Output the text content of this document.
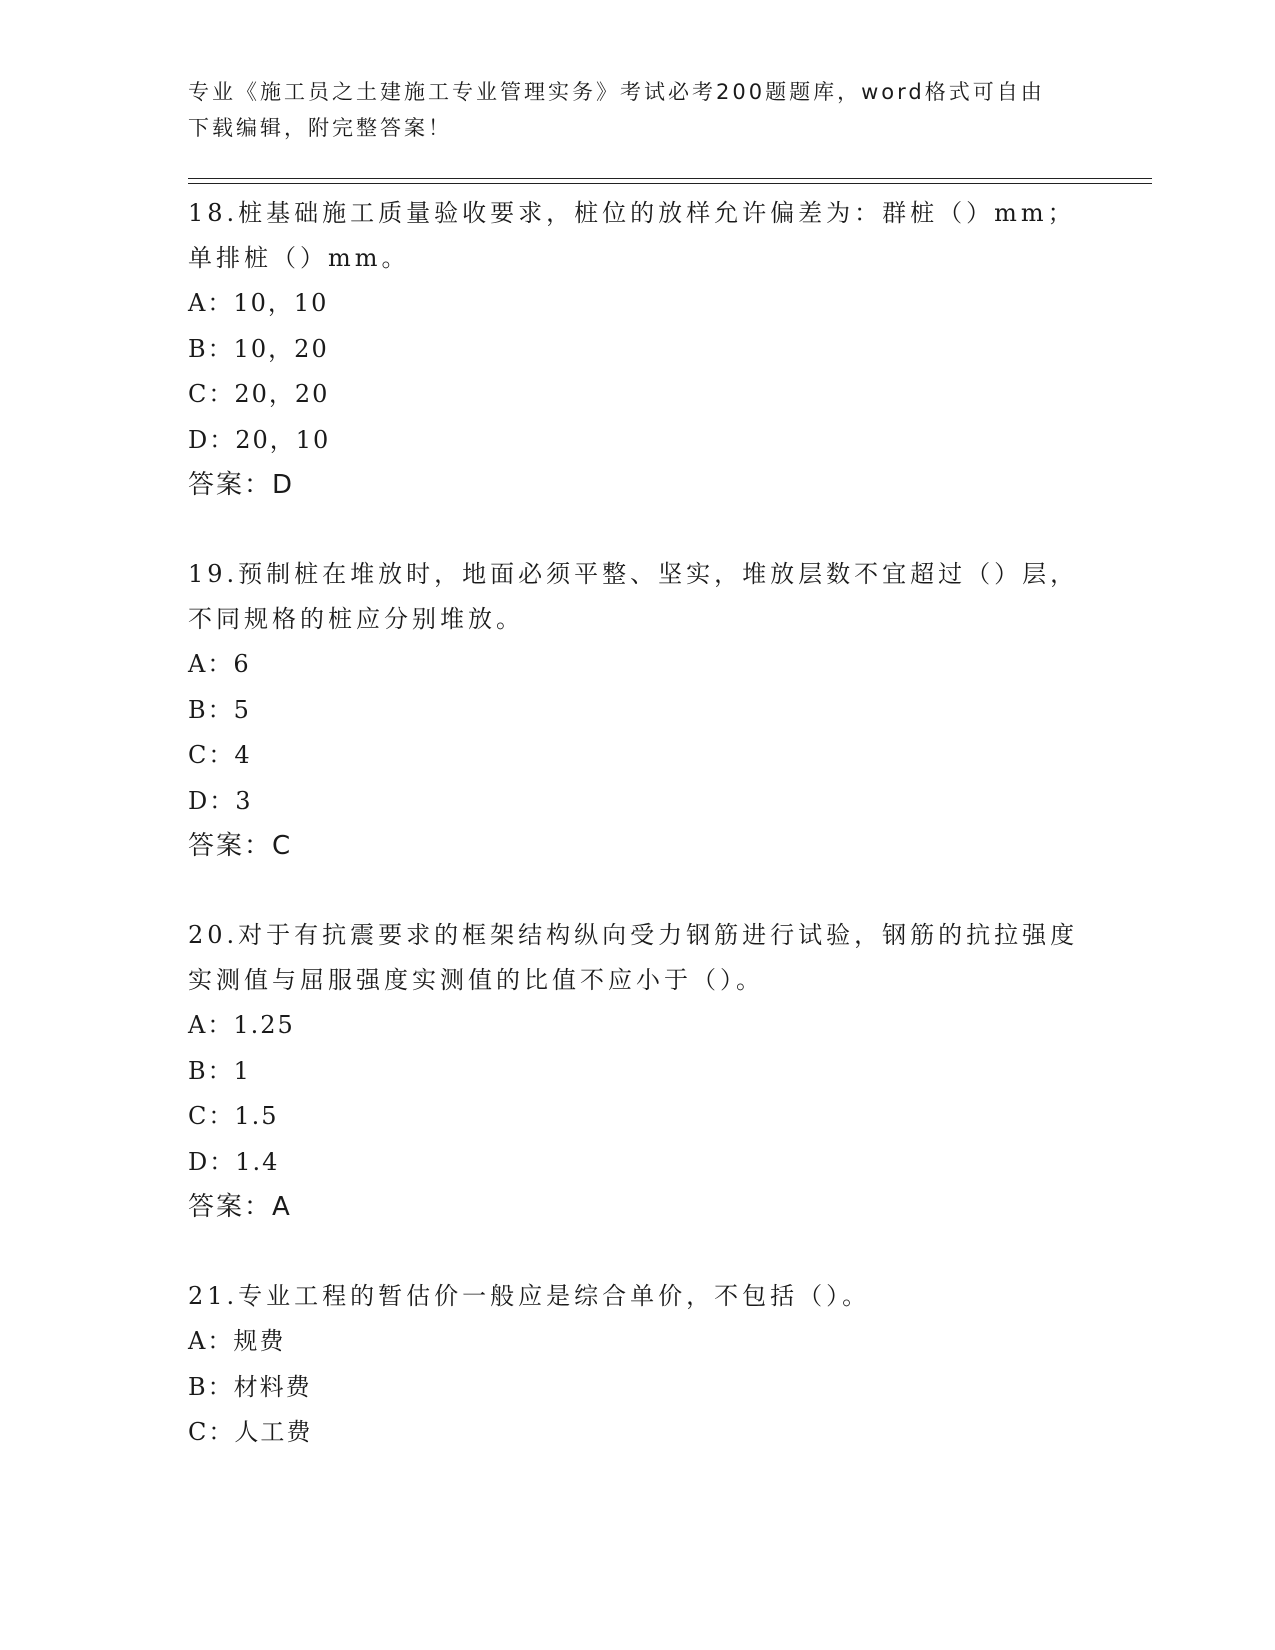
专业《施工员之土建施工专业管理实务》考试必考200题题库，word格式可自由下载编辑，附完整答案！

18.桩基础施工质量验收要求，桩位的放样允许偏差为：群桩（）mm；单排桩（）mm。

A：10，10

B：10，20

C：20，20

D：20，10

答案：D

19.预制桩在堆放时，地面必须平整、坚实，堆放层数不宜超过（）层，不同规格的桩应分别堆放。

A：6

B：5

C：4

D：3

答案：C

20.对于有抗震要求的框架结构纵向受力钢筋进行试验，钢筋的抗拉强度实测值与屈服强度实测值的比值不应小于（）。

A：1.25

B：1

C：1.5

D：1.4

答案：A

21.专业工程的暂估价一般应是综合单价，不包括（）。

A：规费

B：材料费

C：人工费
